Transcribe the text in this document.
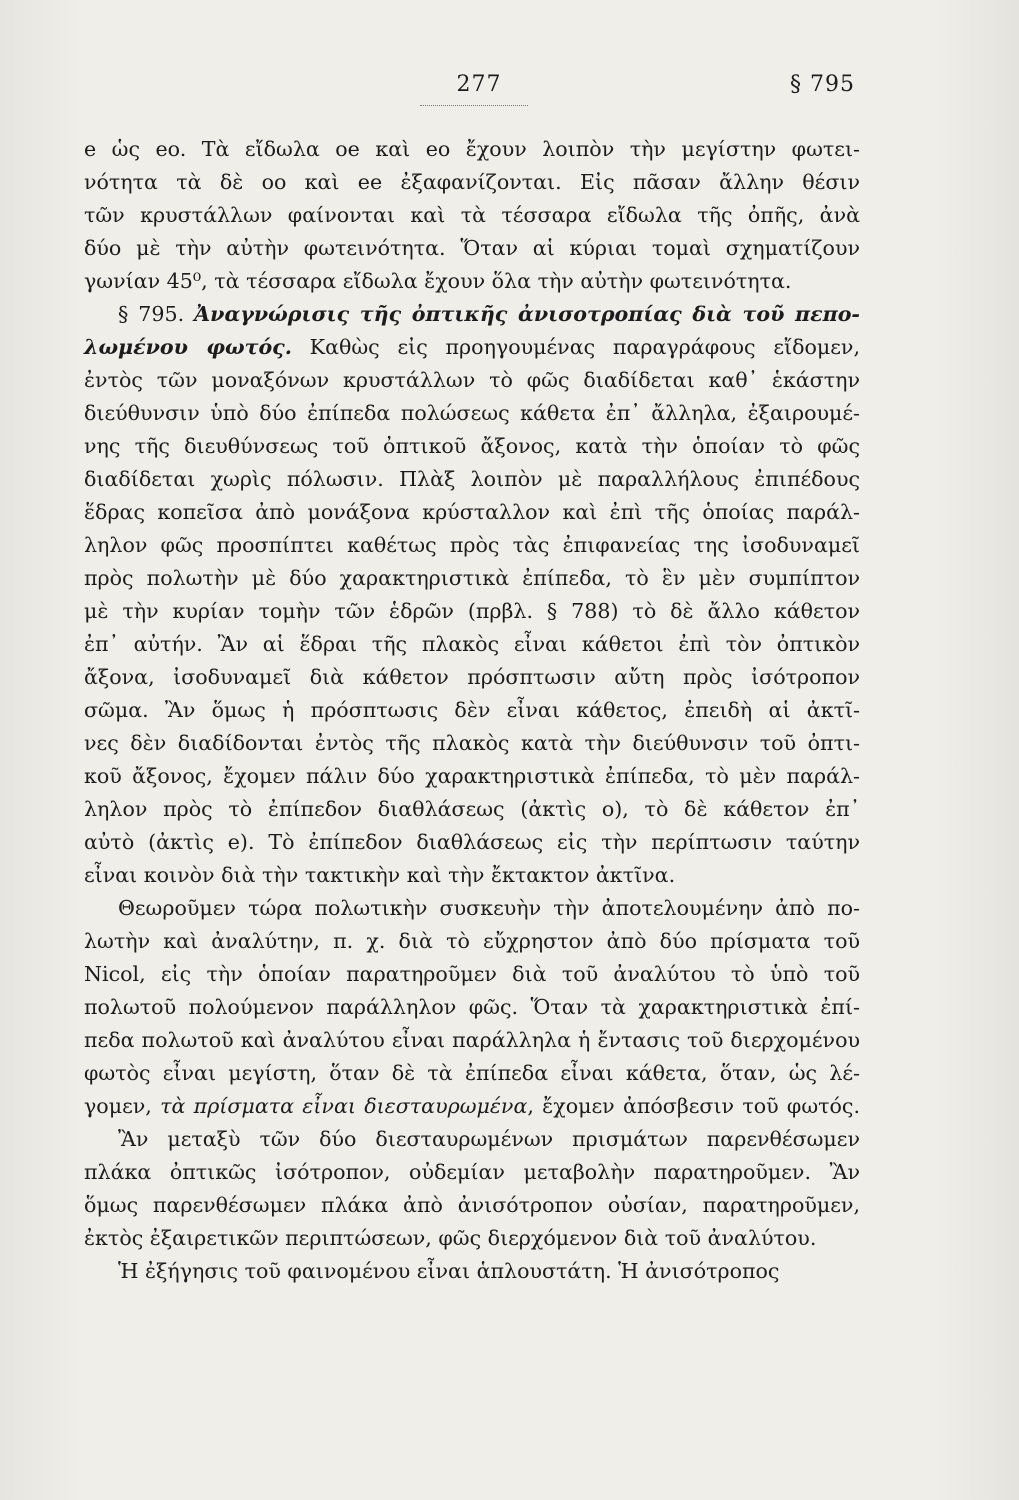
277	§ 795
e ὡς eo. Τὰ εἴδωλα oe καὶ eo ἔχουν λοιπὸν τὴν μεγίστην φωτει-
νότητα τὰ δὲ oo καὶ ee ἐξαφανίζονται. Εἰς πᾶσαν ἄλλην θέσιν
τῶν κρυστάλλων φαίνονται καὶ τὰ τέσσαρα εἴδωλα τῆς ὀπῆς, ἀνὰ
δύο μὲ τὴν αὐτὴν φωτεινότητα. Ὅταν αἱ κύριαι τομαὶ σχηματίζουν
γωνίαν 45⁰, τὰ τέσσαρα εἴδωλα ἔχουν ὅλα τὴν αὐτὴν φωτεινότητα.
§ 795. Ἀναγνώρισις τῆς ὀπτικῆς ἀνισοτροπίας διὰ τοῦ πεπο-
λωμένου φωτός. Καθὼς εἰς προηγουμένας παραγράφους εἴδομεν,
ἐντὸς τῶν μοναξόνων κρυστάλλων τὸ φῶς διαδίδεται καθ᾿ ἑκάστην
διεύθυνσιν ὑπὸ δύο ἐπίπεδα πολώσεως κάθετα ἐπ᾿ ἄλληλα, ἐξαιρουμέ-
νης τῆς διευθύνσεως τοῦ ὀπτικοῦ ἄξονος, κατὰ τὴν ὁποίαν τὸ φῶς
διαδίδεται χωρὶς πόλωσιν. Πλὰξ λοιπὸν μὲ παραλλήλους ἐπιπέδους
ἕδρας κοπεῖσα ἀπὸ μονάξονα κρύσταλλον καὶ ἐπὶ τῆς ὁποίας παράλ-
ληλον φῶς προσπίπτει καθέτως πρὸς τὰς ἐπιφανείας της ἰσοδυναμεῖ
πρὸς πολωτὴν μὲ δύο χαρακτηριστικὰ ἐπίπεδα, τὸ ἓν μὲν συμπίπτον
μὲ τὴν κυρίαν τομὴν τῶν ἑδρῶν (πρβλ. § 788) τὸ δὲ ἄλλο κάθετον
ἐπ᾿ αὐτήν. Ἂν αἱ ἕδραι τῆς πλακὸς εἶναι κάθετοι ἐπὶ τὸν ὀπτικὸν
ἄξονα, ἰσοδυναμεῖ διὰ κάθετον πρόσπτωσιν αὔτη πρὸς ἰσότροπον
σῶμα. Ἂν ὅμως ἡ πρόσπτωσις δὲν εἶναι κάθετος, ἐπειδὴ αἱ ἀκτῖ-
νες δὲν διαδίδονται ἐντὸς τῆς πλακὸς κατὰ τὴν διεύθυνσιν τοῦ ὀπτι-
κοῦ ἄξονος, ἔχομεν πάλιν δύο χαρακτηριστικὰ ἐπίπεδα, τὸ μὲν παράλ-
ληλον πρὸς τὸ ἐπίπεδον διαθλάσεως (ἀκτὶς o), τὸ δὲ κάθετον ἐπ᾿
αὐτὸ (ἀκτὶς e). Τὸ ἐπίπεδον διαθλάσεως εἰς τὴν περίπτωσιν ταύτην
εἶναι κοινὸν διὰ τὴν τακτικὴν καὶ τὴν ἔκτακτον ἀκτῖνα.
Θεωροῦμεν τώρα πολωτικὴν συσκευὴν τὴν ἀποτελουμένην ἀπὸ πο-
λωτὴν καὶ ἀναλύτην, π. χ. διὰ τὸ εὔχρηστον ἀπὸ δύο πρίσματα τοῦ
Nicol, εἰς τὴν ὁποίαν παρατηροῦμεν διὰ τοῦ ἀναλύτου τὸ ὑπὸ τοῦ
πολωτοῦ πολούμενον παράλληλον φῶς. Ὅταν τὰ χαρακτηριστικὰ ἐπί-
πεδα πολωτοῦ καὶ ἀναλύτου εἶναι παράλληλα ἡ ἔντασις τοῦ διερχομένου
φωτὸς εἶναι μεγίστη, ὅταν δὲ τὰ ἐπίπεδα εἶναι κάθετα, ὅταν, ὡς λέ-
γομεν, τὰ πρίσματα εἶναι διεσταυρωμένα, ἔχομεν ἀπόσβεσιν τοῦ φωτός.
Ἂν μεταξὺ τῶν δύο διεσταυρωμένων πρισμάτων παρενθέσωμεν
πλάκα ὀπτικῶς ἰσότροπον, οὐδεμίαν μεταβολὴν παρατηροῦμεν. Ἂν
ὅμως παρενθέσωμεν πλάκα ἀπὸ ἀνισότροπον οὐσίαν, παρατηροῦμεν,
ἐκτὸς ἐξαιρετικῶν περιπτώσεων, φῶς διερχόμενον διὰ τοῦ ἀναλύτου.
Ἡ ἐξήγησις τοῦ φαινομένου εἶναι ἁπλουστάτη. Ἡ ἀνισότροπος
